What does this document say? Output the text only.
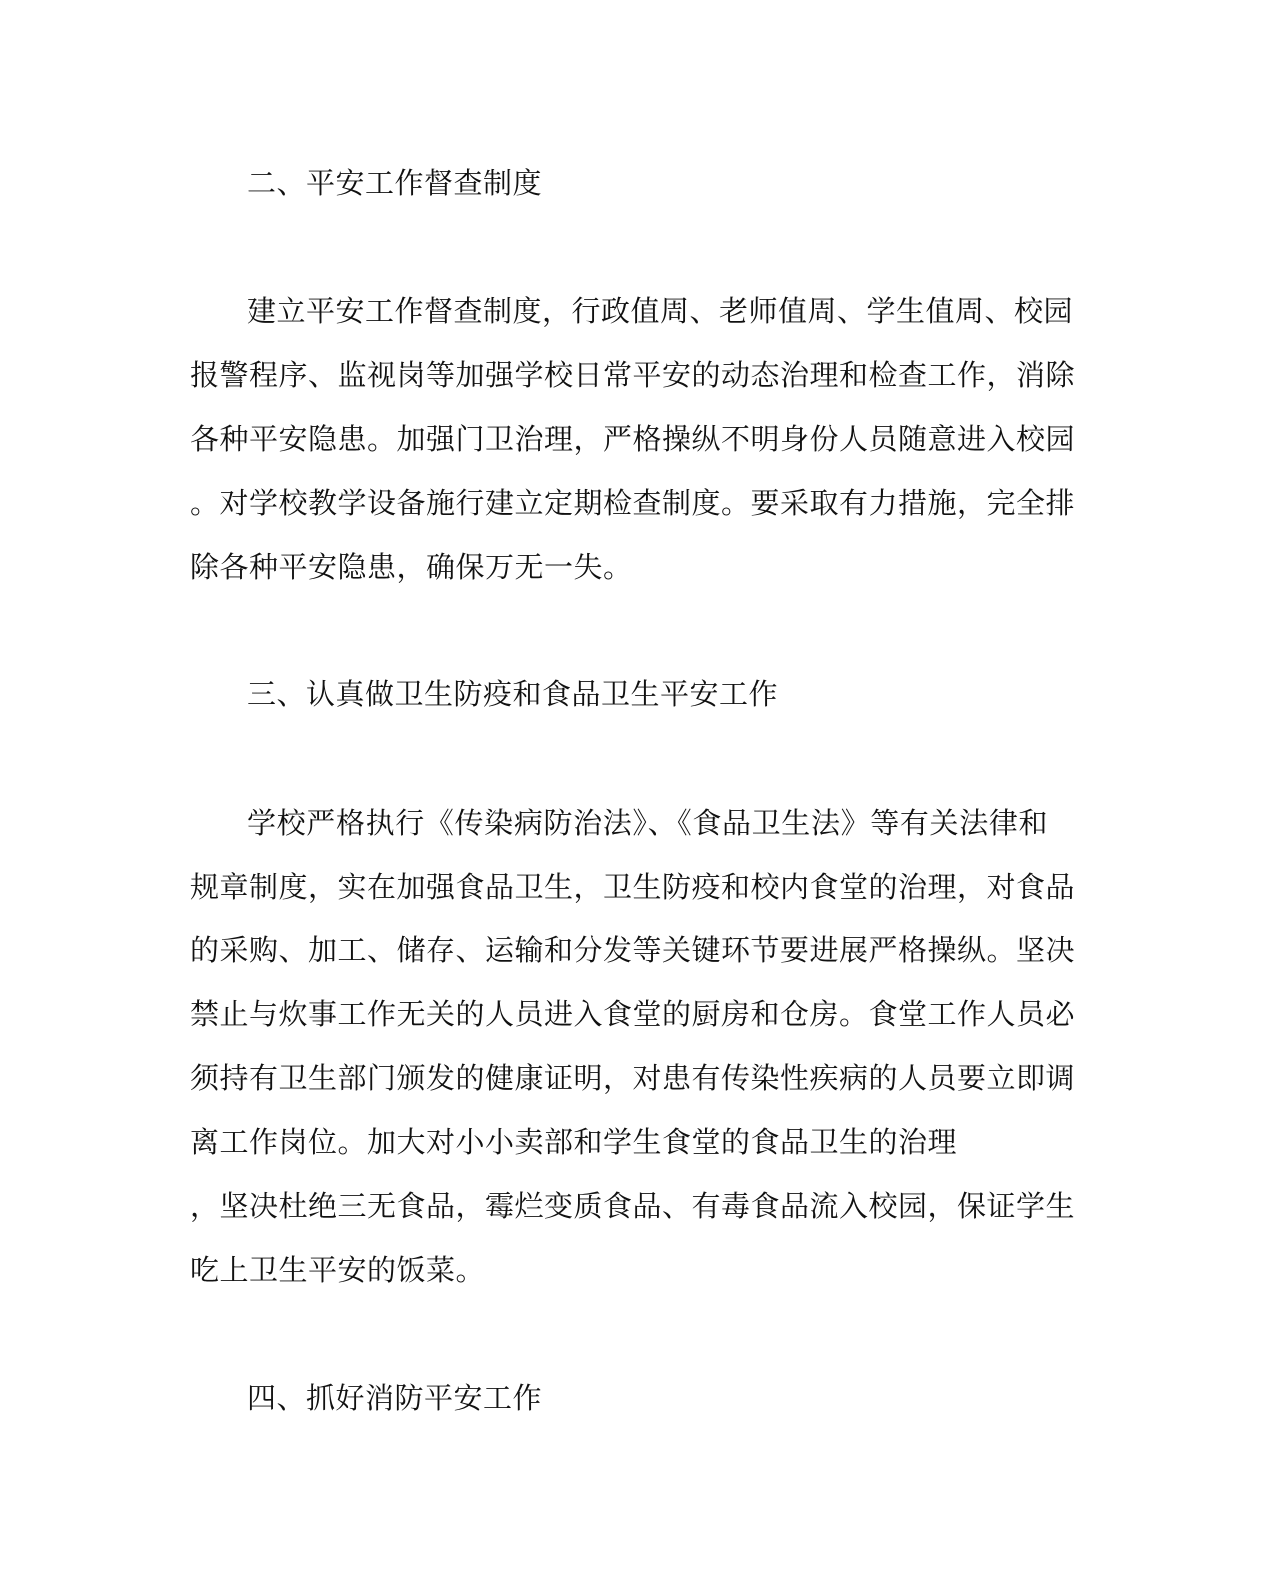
二、平安工作督查制度
建立平安工作督查制度，行政值周、老师值周、学生值周、校园
报警程序、监视岗等加强学校日常平安的动态治理和检查工作，消除
各种平安隐患。加强门卫治理，严格操纵不明身份人员随意进入校园
。对学校教学设备施行建立定期检查制度。要采取有力措施，完全排
除各种平安隐患，确保万无一失。
三、认真做卫生防疫和食品卫生平安工作
学校严格执行《传染病防治法》、《食品卫生法》等有关法律和
规章制度，实在加强食品卫生，卫生防疫和校内食堂的治理，对食品
的采购、加工、储存、运输和分发等关键环节要进展严格操纵。坚决
禁止与炊事工作无关的人员进入食堂的厨房和仓房。食堂工作人员必
须持有卫生部门颁发的健康证明，对患有传染性疾病的人员要立即调
离工作岗位。加大对小小卖部和学生食堂的食品卫生的治理
，坚决杜绝三无食品，霉烂变质食品、有毒食品流入校园，保证学生
吃上卫生平安的饭菜。
四、抓好消防平安工作
